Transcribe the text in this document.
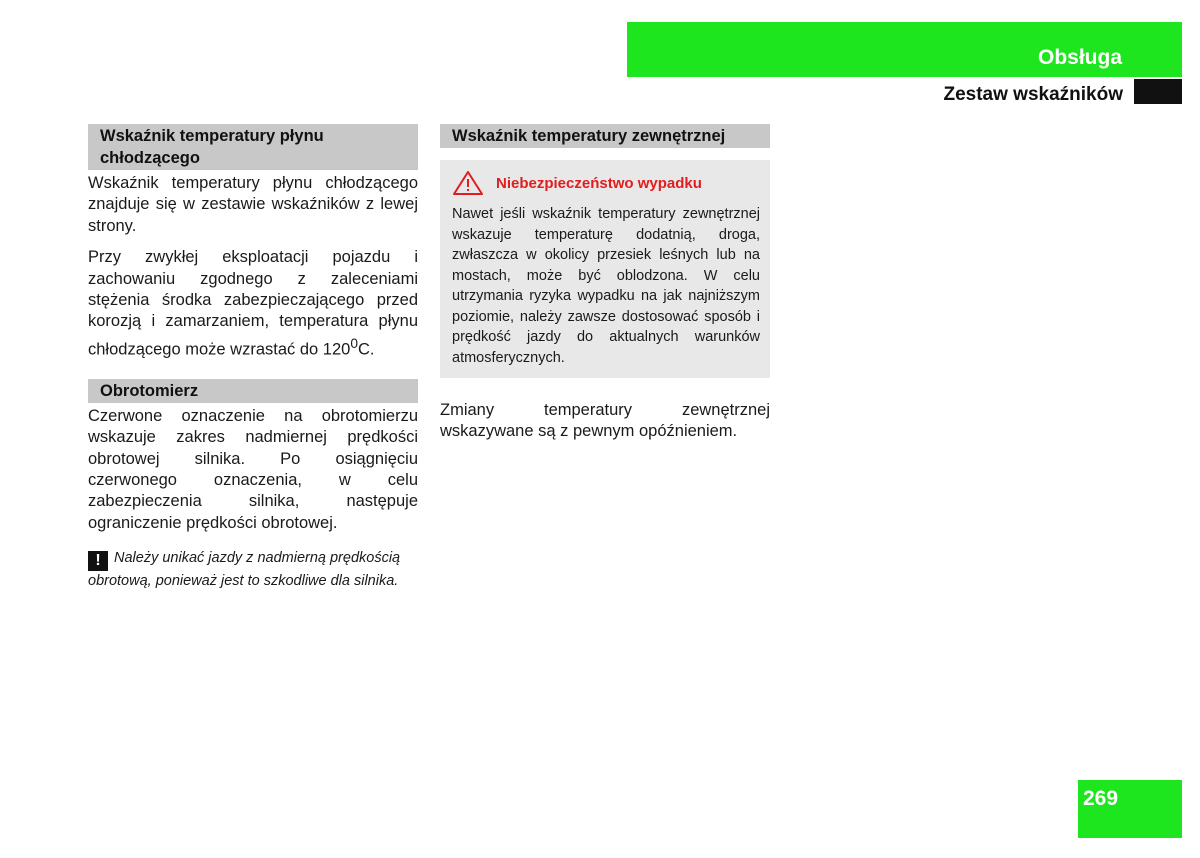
Obsługa
Zestaw wskaźników
Wskaźnik temperatury płynu chłodzącego

Wskaźnik temperatury płynu chłodzącego znajduje się w zestawie wskaźników z lewej strony.

Przy zwykłej eksploatacji pojazdu i zachowaniu zgodnego z zaleceniami stężenia środka zabezpieczającego przed korozją i zamarzaniem, temperatura płynu chłodzącego może wzrastać do $120^0C$.

Obrotomierz

Czerwone oznaczenie na obrotomierzu wskazuje zakres nadmiernej prędkości obrotowej silnika. Po osiągnięciu czerwonego oznaczenia, w celu zabezpieczenia silnika, następuje ograniczenie prędkości obrotowej.

! Należy unikać jazdy z nadmierną prędkością obrotową, ponieważ jest to szkodliwe dla silnika.
Wskaźnik temperatury zewnętrznej
Niebezpieczeństwo wypadku
Nawet jeśli wskaźnik temperatury zewnętrznej wskazuje temperaturę dodatnią, droga, zwłaszcza w okolicy przesiek leśnych lub na mostach, może być oblodzona. W celu utrzymania ryzyka wypadku na jak najniższym poziomie, należy zawsze dostosować sposób i prędkość jazdy do aktualnych warunków atmosferycznych.

Zmiany temperatury zewnętrznej wskazywane są z pewnym opóźnieniem.

269
